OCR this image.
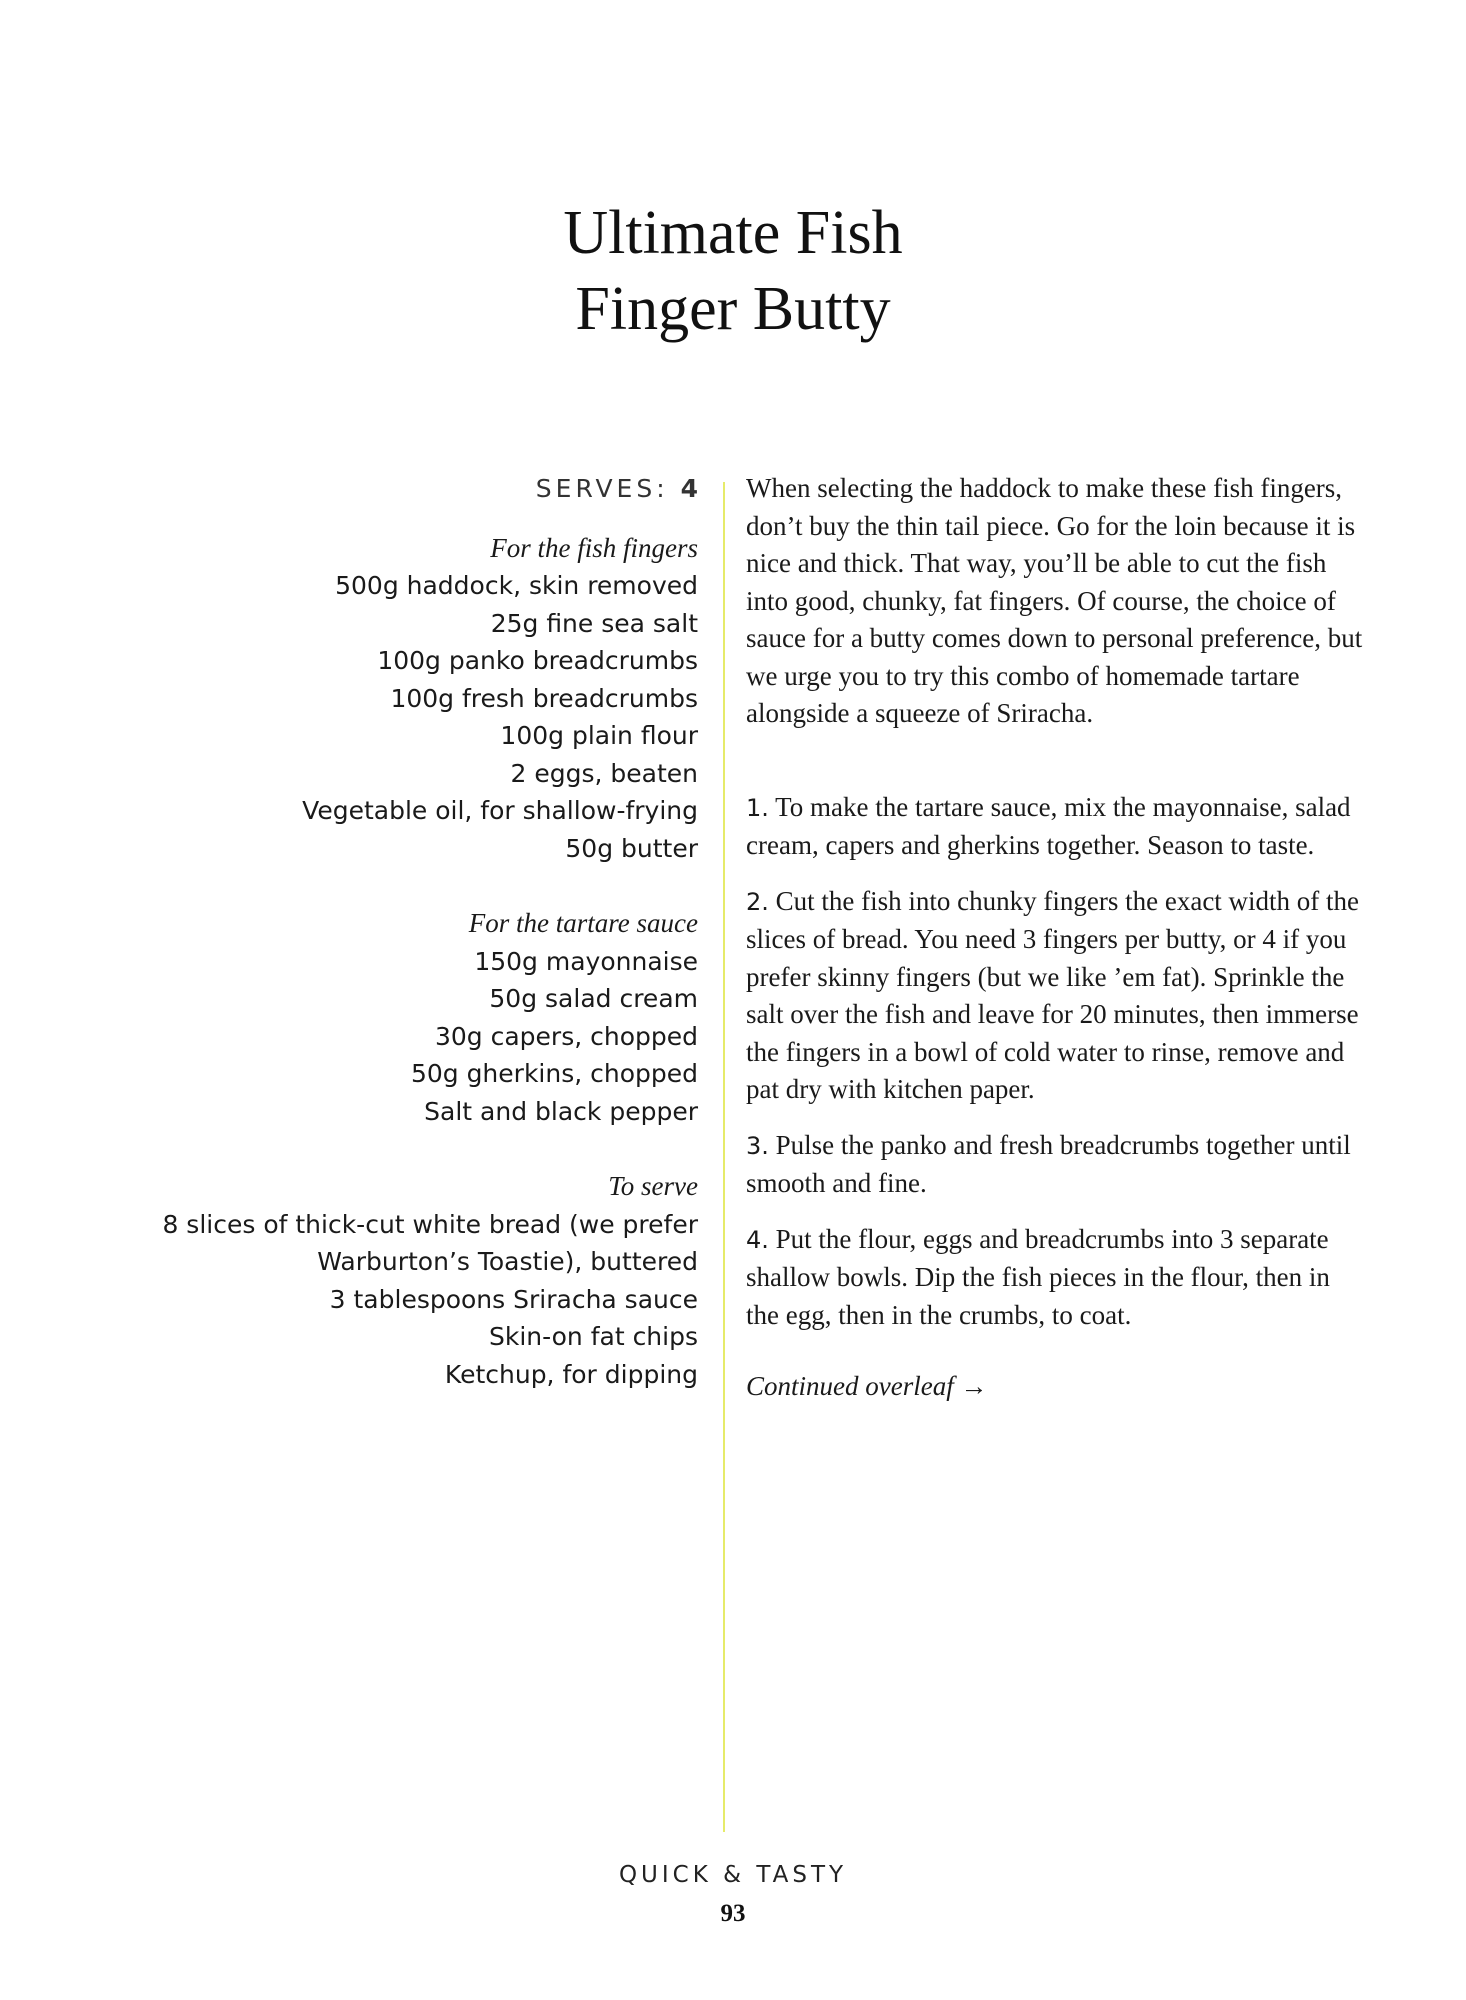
Ultimate Fish
Finger Butty
SERVES: 4
For the fish fingers
500g haddock, skin removed
25g fine sea salt
100g panko breadcrumbs
100g fresh breadcrumbs
100g plain flour
2 eggs, beaten
Vegetable oil, for shallow-frying
50g butter
For the tartare sauce
150g mayonnaise
50g salad cream
30g capers, chopped
50g gherkins, chopped
Salt and black pepper
To serve
8 slices of thick-cut white bread (we prefer
Warburton’s Toastie), buttered
3 tablespoons Sriracha sauce
Skin-on fat chips
Ketchup, for dipping

When selecting the haddock to make these fish fingers, don’t buy the thin tail piece. Go for the loin because it is nice and thick. That way, you’ll be able to cut the fish into good, chunky, fat fingers. Of course, the choice of sauce for a butty comes down to personal preference, but we urge you to try this combo of homemade tartare alongside a squeeze of Sriracha.

1. To make the tartare sauce, mix the mayonnaise, salad cream, capers and gherkins together. Season to taste.

2. Cut the fish into chunky fingers the exact width of the slices of bread. You need 3 fingers per butty, or 4 if you prefer skinny fingers (but we like ’em fat). Sprinkle the salt over the fish and leave for 20 minutes, then immerse the fingers in a bowl of cold water to rinse, remove and pat dry with kitchen paper.

3. Pulse the panko and fresh breadcrumbs together until smooth and fine.

4. Put the flour, eggs and breadcrumbs into 3 separate shallow bowls. Dip the fish pieces in the flour, then in the egg, then in the crumbs, to coat.

Continued overleaf →
QUICK & TASTY
93
